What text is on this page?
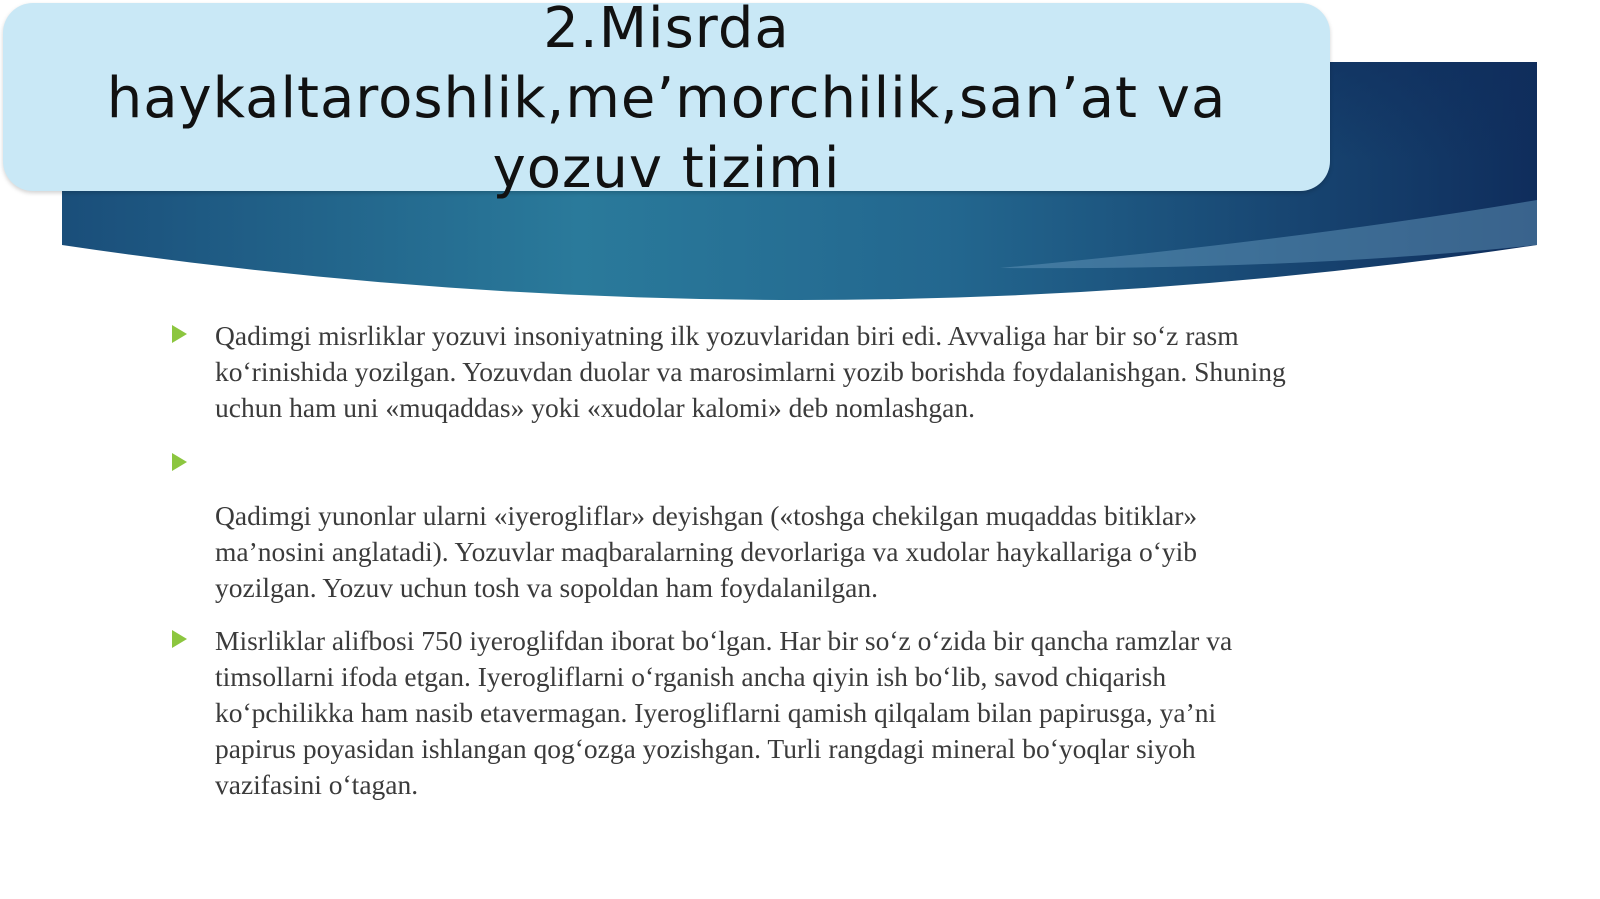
2.Misrda haykaltaroshlik,me’morchilik,san’at va yozuv tizimi
Qadimgi misrliklar yozuvi insoniyatning ilk yozuvlaridan biri edi. Avvaliga har bir so‘z rasm ko‘rinishida yozilgan. Yozuvdan duolar va marosimlarni yozib borishda foydalanishgan. Shuning uchun ham uni «muqaddas» yoki «xudolar kalomi» deb nomlashgan.
Qadimgi yunonlar ularni «iyerogliflar» deyishgan («toshga chekilgan muqaddas bitiklar» ma’nosini anglatadi). Yozuvlar maqbaralarning devorlariga va xudolar haykallariga o‘yib yozilgan. Yozuv uchun tosh va sopoldan ham foydalanilgan.
Misrliklar alifbosi 750 iyeroglifdan iborat bo‘lgan. Har bir so‘z o‘zida bir qancha ramzlar va timsollarni ifoda etgan. Iyerogliflarni o‘rganish ancha qiyin ish bo‘lib, savod chiqarish ko‘pchilikka ham nasib etavermagan. Iyerogliflarni qamish qilqalam bilan papirusga, ya’ni papirus poyasidan ishlangan qog‘ozga yozishgan. Turli rangdagi mineral bo‘yoqlar siyoh vazifasini o‘tagan.
